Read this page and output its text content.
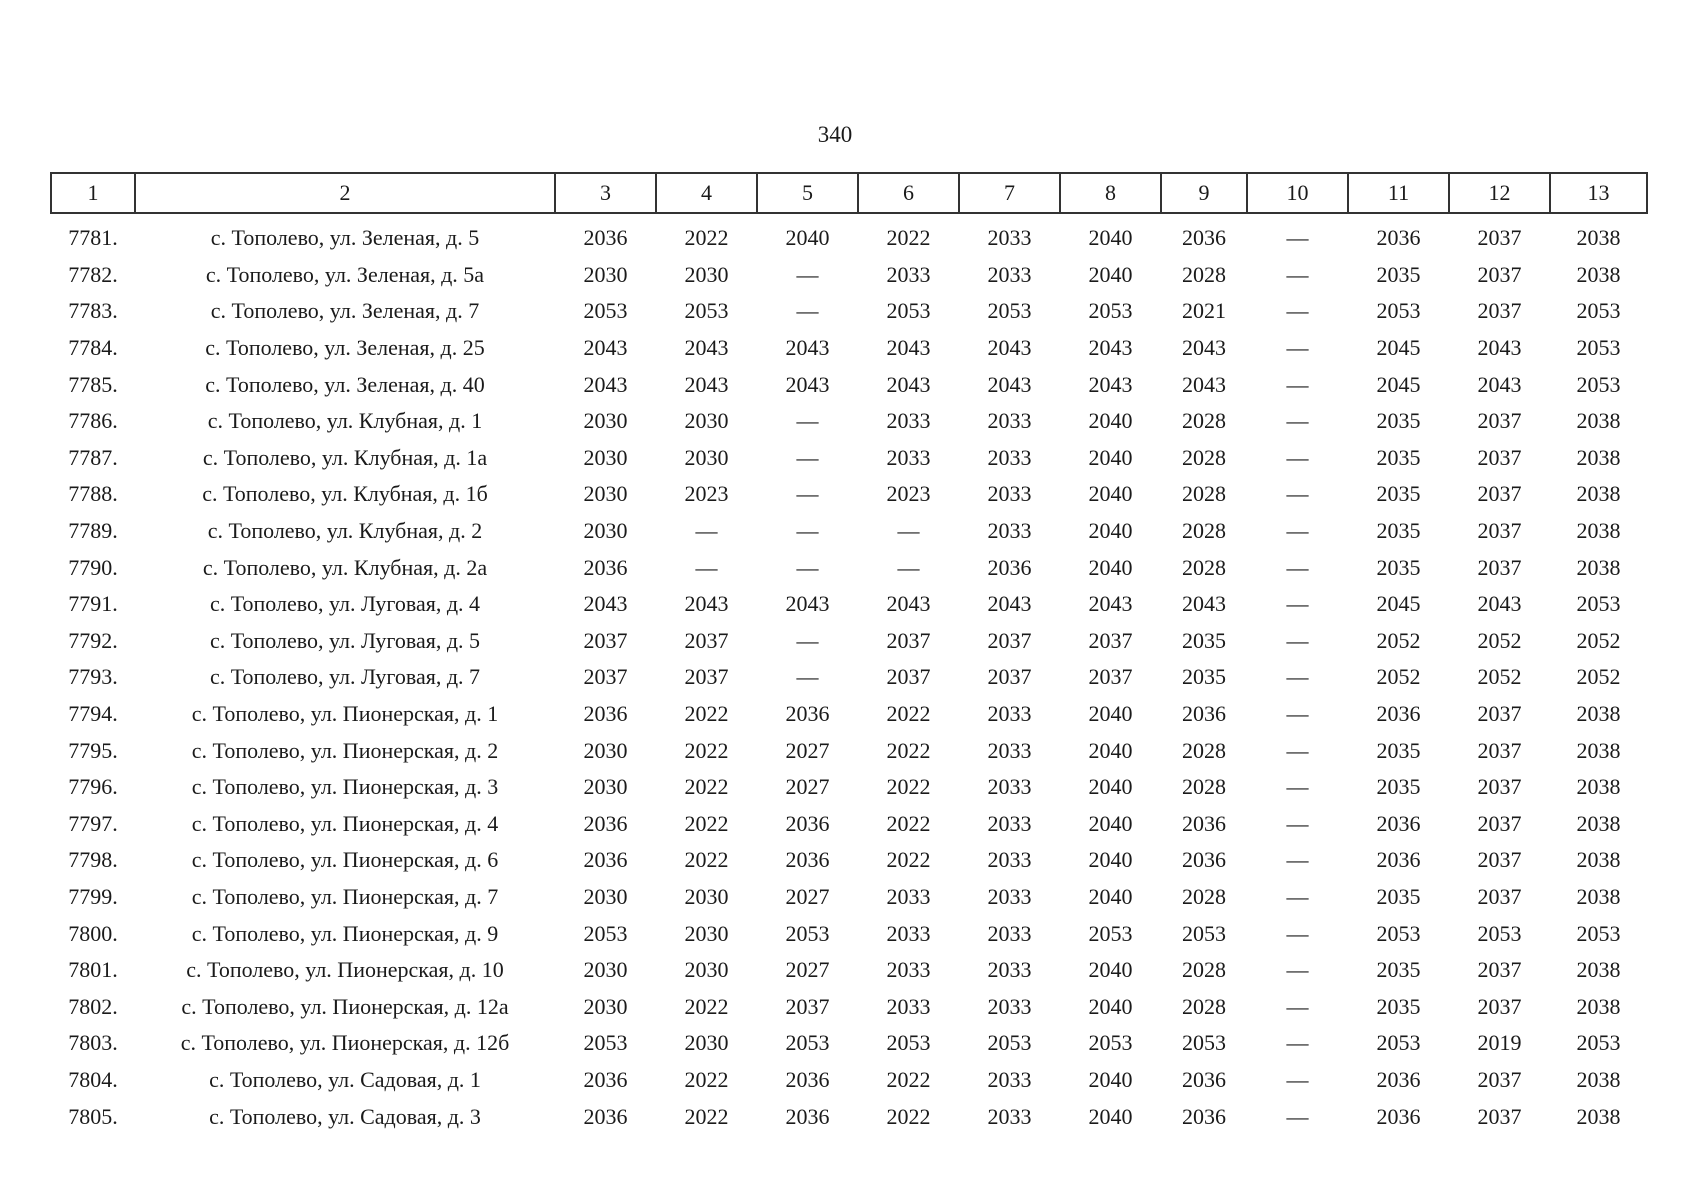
340
1	2	3	4	5	6	7	8	9	10	11	12	13
7781.	с. Тополево, ул. Зеленая, д. 5	2036	2022	2040	2022	2033	2040	2036	—	2036	2037	2038
7782.	с. Тополево, ул. Зеленая, д. 5а	2030	2030	—	2033	2033	2040	2028	—	2035	2037	2038
7783.	с. Тополево, ул. Зеленая, д. 7	2053	2053	—	2053	2053	2053	2021	—	2053	2037	2053
7784.	с. Тополево, ул. Зеленая, д. 25	2043	2043	2043	2043	2043	2043	2043	—	2045	2043	2053
7785.	с. Тополево, ул. Зеленая, д. 40	2043	2043	2043	2043	2043	2043	2043	—	2045	2043	2053
7786.	с. Тополево, ул. Клубная, д. 1	2030	2030	—	2033	2033	2040	2028	—	2035	2037	2038
7787.	с. Тополево, ул. Клубная, д. 1а	2030	2030	—	2033	2033	2040	2028	—	2035	2037	2038
7788.	с. Тополево, ул. Клубная, д. 1б	2030	2023	—	2023	2033	2040	2028	—	2035	2037	2038
7789.	с. Тополево, ул. Клубная, д. 2	2030	—	—	—	2033	2040	2028	—	2035	2037	2038
7790.	с. Тополево, ул. Клубная, д. 2а	2036	—	—	—	2036	2040	2028	—	2035	2037	2038
7791.	с. Тополево, ул. Луговая, д. 4	2043	2043	2043	2043	2043	2043	2043	—	2045	2043	2053
7792.	с. Тополево, ул. Луговая, д. 5	2037	2037	—	2037	2037	2037	2035	—	2052	2052	2052
7793.	с. Тополево, ул. Луговая, д. 7	2037	2037	—	2037	2037	2037	2035	—	2052	2052	2052
7794.	с. Тополево, ул. Пионерская, д. 1	2036	2022	2036	2022	2033	2040	2036	—	2036	2037	2038
7795.	с. Тополево, ул. Пионерская, д. 2	2030	2022	2027	2022	2033	2040	2028	—	2035	2037	2038
7796.	с. Тополево, ул. Пионерская, д. 3	2030	2022	2027	2022	2033	2040	2028	—	2035	2037	2038
7797.	с. Тополево, ул. Пионерская, д. 4	2036	2022	2036	2022	2033	2040	2036	—	2036	2037	2038
7798.	с. Тополево, ул. Пионерская, д. 6	2036	2022	2036	2022	2033	2040	2036	—	2036	2037	2038
7799.	с. Тополево, ул. Пионерская, д. 7	2030	2030	2027	2033	2033	2040	2028	—	2035	2037	2038
7800.	с. Тополево, ул. Пионерская, д. 9	2053	2030	2053	2033	2033	2053	2053	—	2053	2053	2053
7801.	с. Тополево, ул. Пионерская, д. 10	2030	2030	2027	2033	2033	2040	2028	—	2035	2037	2038
7802.	с. Тополево, ул. Пионерская, д. 12а	2030	2022	2037	2033	2033	2040	2028	—	2035	2037	2038
7803.	с. Тополево, ул. Пионерская, д. 12б	2053	2030	2053	2053	2053	2053	2053	—	2053	2019	2053
7804.	с. Тополево, ул. Садовая, д. 1	2036	2022	2036	2022	2033	2040	2036	—	2036	2037	2038
7805.	с. Тополево, ул. Садовая, д. 3	2036	2022	2036	2022	2033	2040	2036	—	2036	2037	2038
